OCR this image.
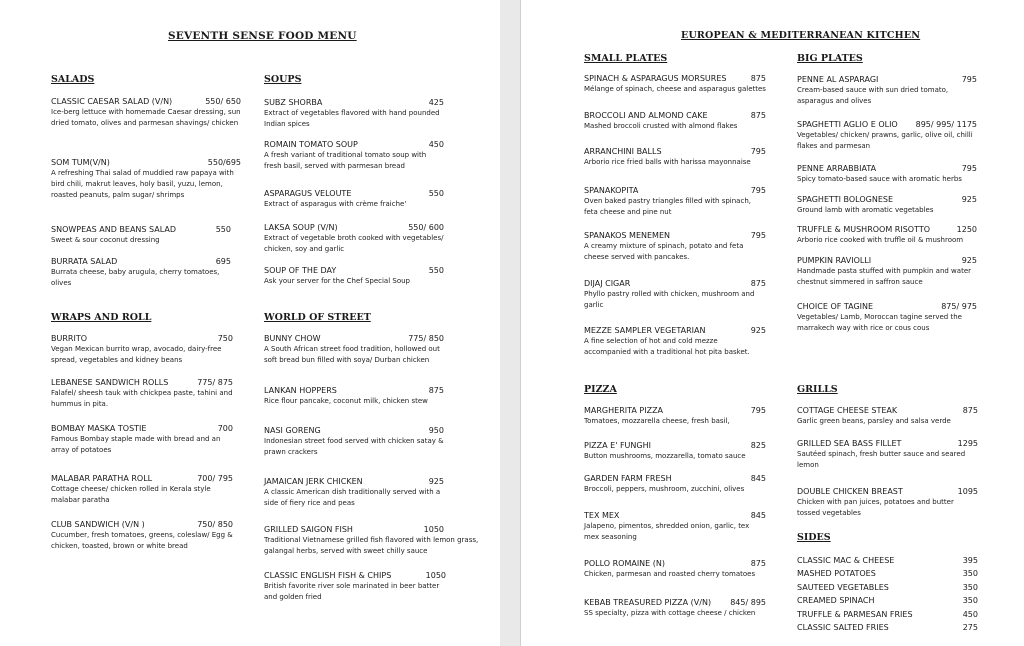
SEVENTH SENSE FOOD MENU
SALADS
CLASSIC CAESAR SALAD (V/N)	550/ 650
Ice-berg lettuce with homemade Caesar dressing, sun dried tomato, olives and parmesan shavings/ chicken
SOM TUM(V/N)	550/695
A refreshing Thai salad of muddied raw papaya with bird chili, makrut leaves, holy basil, yuzu, lemon, roasted peanuts, palm sugar/ shrimps
SNOWPEAS AND BEANS SALAD	550
Sweet & sour coconut dressing
BURRATA SALAD	695
Burrata cheese, baby arugula, cherry tomatoes, olives
SOUPS
SUBZ SHORBA	425
Extract of vegetables flavored with hand pounded Indian spices
ROMAIN TOMATO SOUP	450
A fresh variant of traditional tomato soup with fresh basil, served with parmesan bread
ASPARAGUS VELOUTE	550
Extract of asparagus with crème fraiche'
LAKSA SOUP (V/N)	550/ 600
Extract of vegetable broth cooked with vegetables/ chicken, soy and garlic
SOUP OF THE DAY	550
Ask your server for the Chef Special Soup
WRAPS AND ROLL
BURRITO	750
Vegan Mexican burrito wrap, avocado, dairy-free spread, vegetables and kidney beans
LEBANESE SANDWICH ROLLS	775/ 875
Falafel/ sheesh tauk with chickpea paste, tahini and hummus in pita.
BOMBAY MASKA TOSTIE	700
Famous Bombay staple made with bread and an array of potatoes
MALABAR PARATHA ROLL	700/ 795
Cottage cheese/ chicken rolled in Kerala style malabar paratha
CLUB SANDWICH (V/N )	750/ 850
Cucumber, fresh tomatoes, greens, coleslaw/ Egg & chicken, toasted, brown or white bread
WORLD OF STREET
BUNNY CHOW	775/ 850
A South African street food tradition, hollowed out soft bread bun filled with soya/ Durban chicken
LANKAN HOPPERS	875
Rice flour pancake, coconut milk, chicken stew
NASI GORENG	950
Indonesian street food served with chicken satay & prawn crackers
JAMAICAN JERK CHICKEN	925
A classic American dish traditionally served with a side of fiery rice and peas
GRILLED SAIGON FISH	1050
Traditional Vietnamese grilled fish flavored with lemon grass, galangal herbs, served with sweet chilly sauce
CLASSIC ENGLISH FISH & CHIPS	1050
British favorite river sole marinated in beer batter and golden fried
EUROPEAN & MEDITERRANEAN KITCHEN
SMALL PLATES
SPINACH & ASPARAGUS MORSURES	875
Mélange of spinach, cheese and asparagus galettes
BROCCOLI AND ALMOND CAKE	875
Mashed broccoli crusted with almond flakes
ARRANCHINI BALLS	795
Arborio rice fried balls with harissa mayonnaise
SPANAKOPITA	795
Oven baked pastry triangles filled with spinach, feta cheese and pine nut
SPANAKOS MENEMEN	795
A creamy mixture of spinach, potato and feta cheese served with pancakes.
DIJAJ CIGAR	875
Phyllo pastry rolled with chicken, mushroom and garlic
MEZZE SAMPLER VEGETARIAN	925
A fine selection of hot and cold mezze accompanied with a traditional hot pita basket.
BIG PLATES
PENNE AL ASPARAGI	795
Cream-based sauce with sun dried tomato, asparagus and olives
SPAGHETTI AGLIO E OLIO 895/ 995/ 1175
Vegetables/ chicken/ prawns, garlic, olive oil, chilli flakes and parmesan
PENNE ARRABBIATA	795
Spicy tomato-based sauce with aromatic herbs
SPAGHETTI BOLOGNESE	925
Ground lamb with aromatic vegetables
TRUFFLE & MUSHROOM RISOTTO	1250
Arborio rice cooked with truffle oil & mushroom
PUMPKIN RAVIOLLI	925
Handmade pasta stuffed with pumpkin and water chestnut simmered in saffron sauce
CHOICE OF TAGINE	875/ 975
Vegetables/ Lamb, Moroccan tagine served the marrakech way with rice or cous cous
PIZZA
MARGHERITA PIZZA	795
Tomatoes, mozzarella cheese, fresh basil,
PIZZA E' FUNGHI	825
Button mushrooms, mozzarella, tomato sauce
GARDEN FARM FRESH	845
Broccoli, peppers, mushroom, zucchini, olives
TEX MEX	845
Jalapeno, pimentos, shredded onion, garlic, tex mex seasoning
POLLO ROMAINE (N)	875
Chicken, parmesan and roasted cherry tomatoes
KEBAB TREASURED PIZZA (V/N) 845/ 895
SS specialty, pizza with cottage cheese / chicken
GRILLS
COTTAGE CHEESE STEAK	875
Garlic green beans, parsley and salsa verde
GRILLED SEA BASS FILLET	1295
Sautéed spinach, fresh butter sauce and seared lemon
DOUBLE CHICKEN BREAST	1095
Chicken with pan juices, potatoes and butter tossed vegetables
SIDES
CLASSIC MAC & CHEESE	395
MASHED POTATOES	350
SAUTEED VEGETABLES	350
CREAMED SPINACH	350
TRUFFLE & PARMESAN FRIES	450
CLASSIC SALTED FRIES	275
